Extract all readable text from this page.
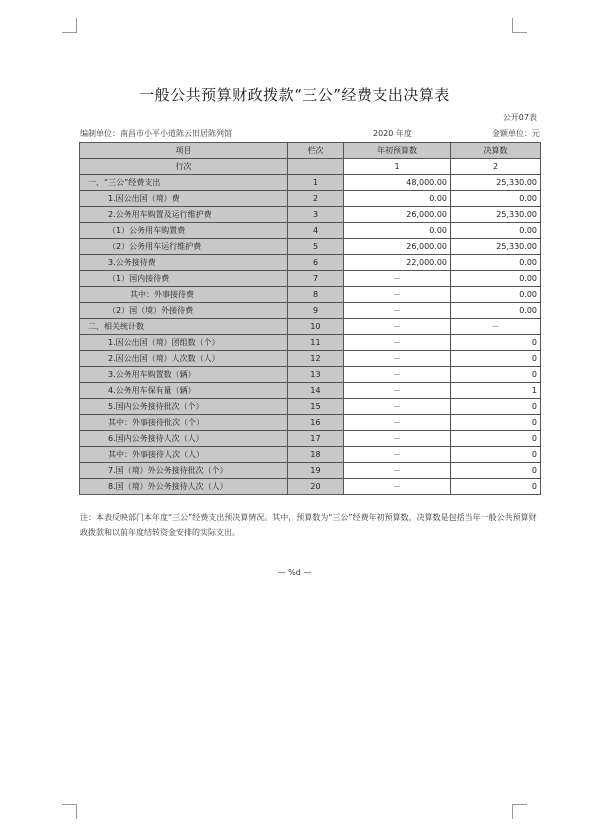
一般公共预算财政拨款“三公”经费支出决算表
公开07表
编制单位：南昌市小平小道陈云旧居陈列馆	2020 年度	金额单位：元
项目	栏次	年初预算数	决算数
行次		1	2
一、“三公”经费支出	1	48,000.00	25,330.00
1.因公出国（境）费	2	0.00	0.00
2.公务用车购置及运行维护费	3	26,000.00	25,330.00
（1）公务用车购置费	4	0.00	0.00
（2）公务用车运行维护费	5	26,000.00	25,330.00
3.公务接待费	6	22,000.00	0.00
（1）国内接待费	7	－	0.00
其中：外事接待费	8	－	0.00
（2）国（境）外接待费	9	－	0.00
二、相关统计数	10	－	－
1.因公出国（境）团组数（个）	11	－	0
2.因公出国（境）人次数（人）	12	－	0
3.公务用车购置数（辆）	13	－	0
4.公务用车保有量（辆）	14	－	1
5.国内公务接待批次（个）	15	－	0
其中：外事接待批次（个）	16	－	0
6.国内公务接待人次（人）	17	－	0
其中：外事接待人次（人）	18	－	0
7.国（境）外公务接待批次（个）	19	－	0
8.国（境）外公务接待人次（人）	20	－	0
注：本表反映部门本年度“三公”经费支出预决算情况。其中，预算数为“三公”经费年初预算数，决算数是包括当年一般公共预算财政拨款和以前年度结转资金安排的实际支出。
— %d —
